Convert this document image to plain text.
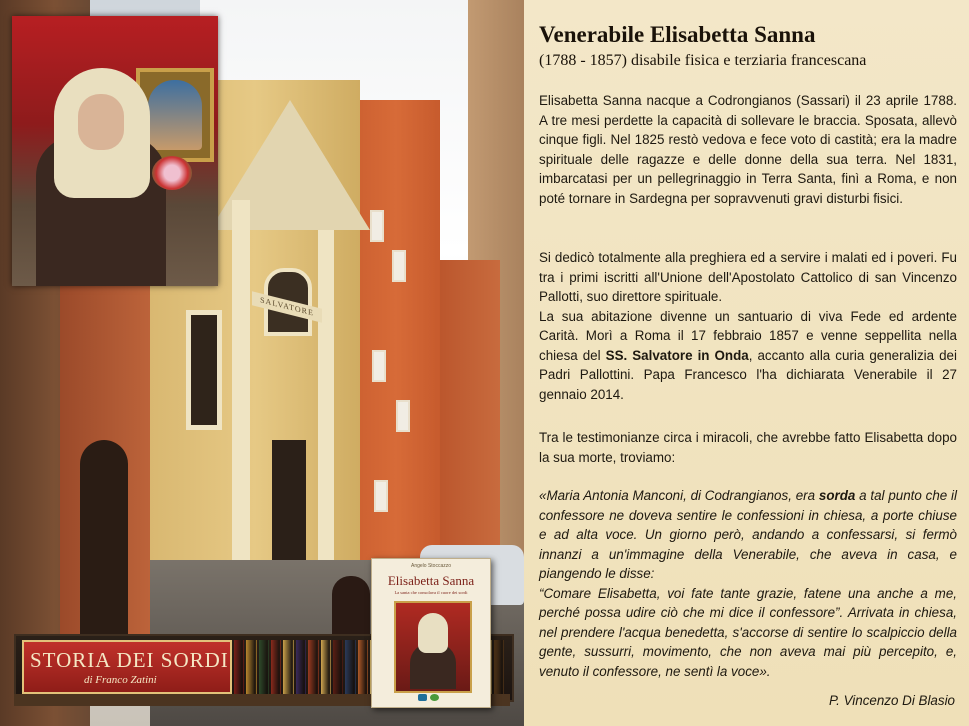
SALVATORE
STORIA DEI SORDI
di Franco Zatini
Angelo Stoccazzo
Elisabetta Sanna
La santa che consolava il cuore dei sordi
Venerabile Elisabetta Sanna
(1788 - 1857) disabile fisica e terziaria francescana
Elisabetta Sanna nacque a Codrongianos (Sassari) il 23 aprile 1788. A tre mesi perdette la capacità di sollevare le braccia. Sposata, allevò cinque figli. Nel 1825 restò vedova e fece voto di castità; era la madre spirituale delle ragazze e delle donne della sua terra. Nel 1831, imbarcatasi per un pellegrinaggio in Terra Santa, finì a Roma, e non poté tornare in Sardegna per sopravvenuti gravi disturbi fisici.
Si dedicò totalmente alla preghiera ed a servire i malati ed i poveri. Fu tra i primi iscritti all'Unione dell'Apostolato Cattolico di san Vincenzo Pallotti, suo direttore spirituale.
La sua abitazione divenne un santuario di viva Fede ed ardente Carità. Morì a Roma il 17 febbraio 1857 e venne seppellita nella chiesa del SS. Salvatore in Onda, accanto alla curia generalizia dei Padri Pallottini. Papa Francesco l'ha dichiarata Venerabile il 27 gennaio 2014.
Tra le testimonianze circa i miracoli, che avrebbe fatto Elisabetta dopo la sua morte, troviamo:
«Maria Antonia Manconi, di Codrangianos, era sorda a tal punto che il confessore ne doveva sentire le confessioni in chiesa, a porte chiuse e ad alta voce. Un giorno però, andando a confessarsi, si fermò innanzi a un'immagine della Venerabile, che aveva in casa, e piangendo le disse:
“Comare Elisabetta, voi fate tante grazie, fatene una anche a me, perché possa udire ciò che mi dice il confessore”. Arrivata in chiesa, nel prendere l'acqua benedetta, s'accorse di sentire lo scalpiccio della gente, sussurri, movimento, che non aveva mai più percepito, e, venuto il confessore, ne sentì la voce».
P. Vincenzo Di Blasio
